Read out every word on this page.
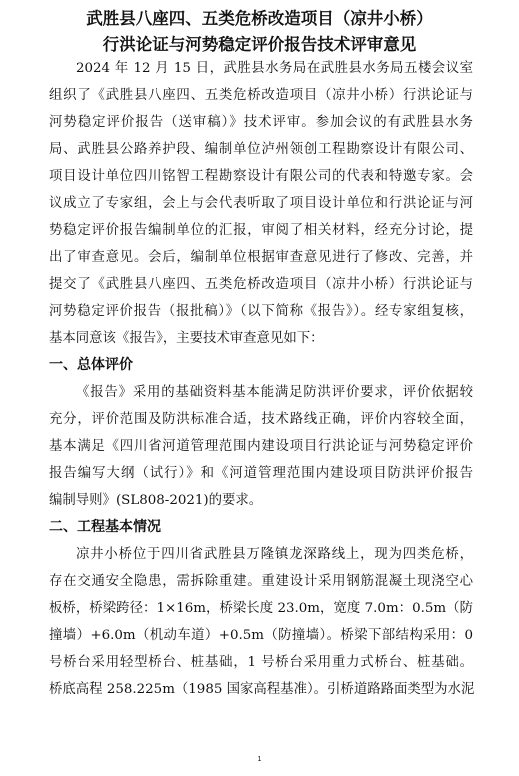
武胜县八座四、五类危桥改造项目（凉井小桥）
行洪论证与河势稳定评价报告技术评审意见
2024 年 12 月 15 日，武胜县水务局在武胜县水务局五楼会议室
组织了《武胜县八座四、五类危桥改造项目（凉井小桥）行洪论证与
河势稳定评价报告（送审稿）》技术评审。参加会议的有武胜县水务
局、武胜县公路养护段、编制单位泸州领创工程勘察设计有限公司、
项目设计单位四川铭智工程勘察设计有限公司的代表和特邀专家。会
议成立了专家组，会上与会代表听取了项目设计单位和行洪论证与河
势稳定评价报告编制单位的汇报，审阅了相关材料，经充分讨论，提
出了审查意见。会后，编制单位根据审查意见进行了修改、完善，并
提交了《武胜县八座四、五类危桥改造项目（凉井小桥）行洪论证与
河势稳定评价报告（报批稿）》（以下简称《报告》）。经专家组复核，
基本同意该《报告》，主要技术审查意见如下：
一、总体评价
《报告》采用的基础资料基本能满足防洪评价要求，评价依据较
充分，评价范围及防洪标准合适，技术路线正确，评价内容较全面，
基本满足《四川省河道管理范围内建设项目行洪论证与河势稳定评价
报告编写大纲（试行）》和《河道管理范围内建设项目防洪评价报告
编制导则》(SL808-2021)的要求。
二、工程基本情况
凉井小桥位于四川省武胜县万隆镇龙深路线上，现为四类危桥，
存在交通安全隐患，需拆除重建。重建设计采用钢筋混凝土现浇空心
板桥，桥梁跨径：1×16m，桥梁长度 23.0m，宽度 7.0m：0.5m（防
撞墙）+6.0m（机动车道）+0.5m（防撞墙）。桥梁下部结构采用：0
号桥台采用轻型桥台、桩基础，1 号桥台采用重力式桥台、桩基础。
桥底高程 258.225m（1985 国家高程基准）。引桥道路路面类型为水泥
1
